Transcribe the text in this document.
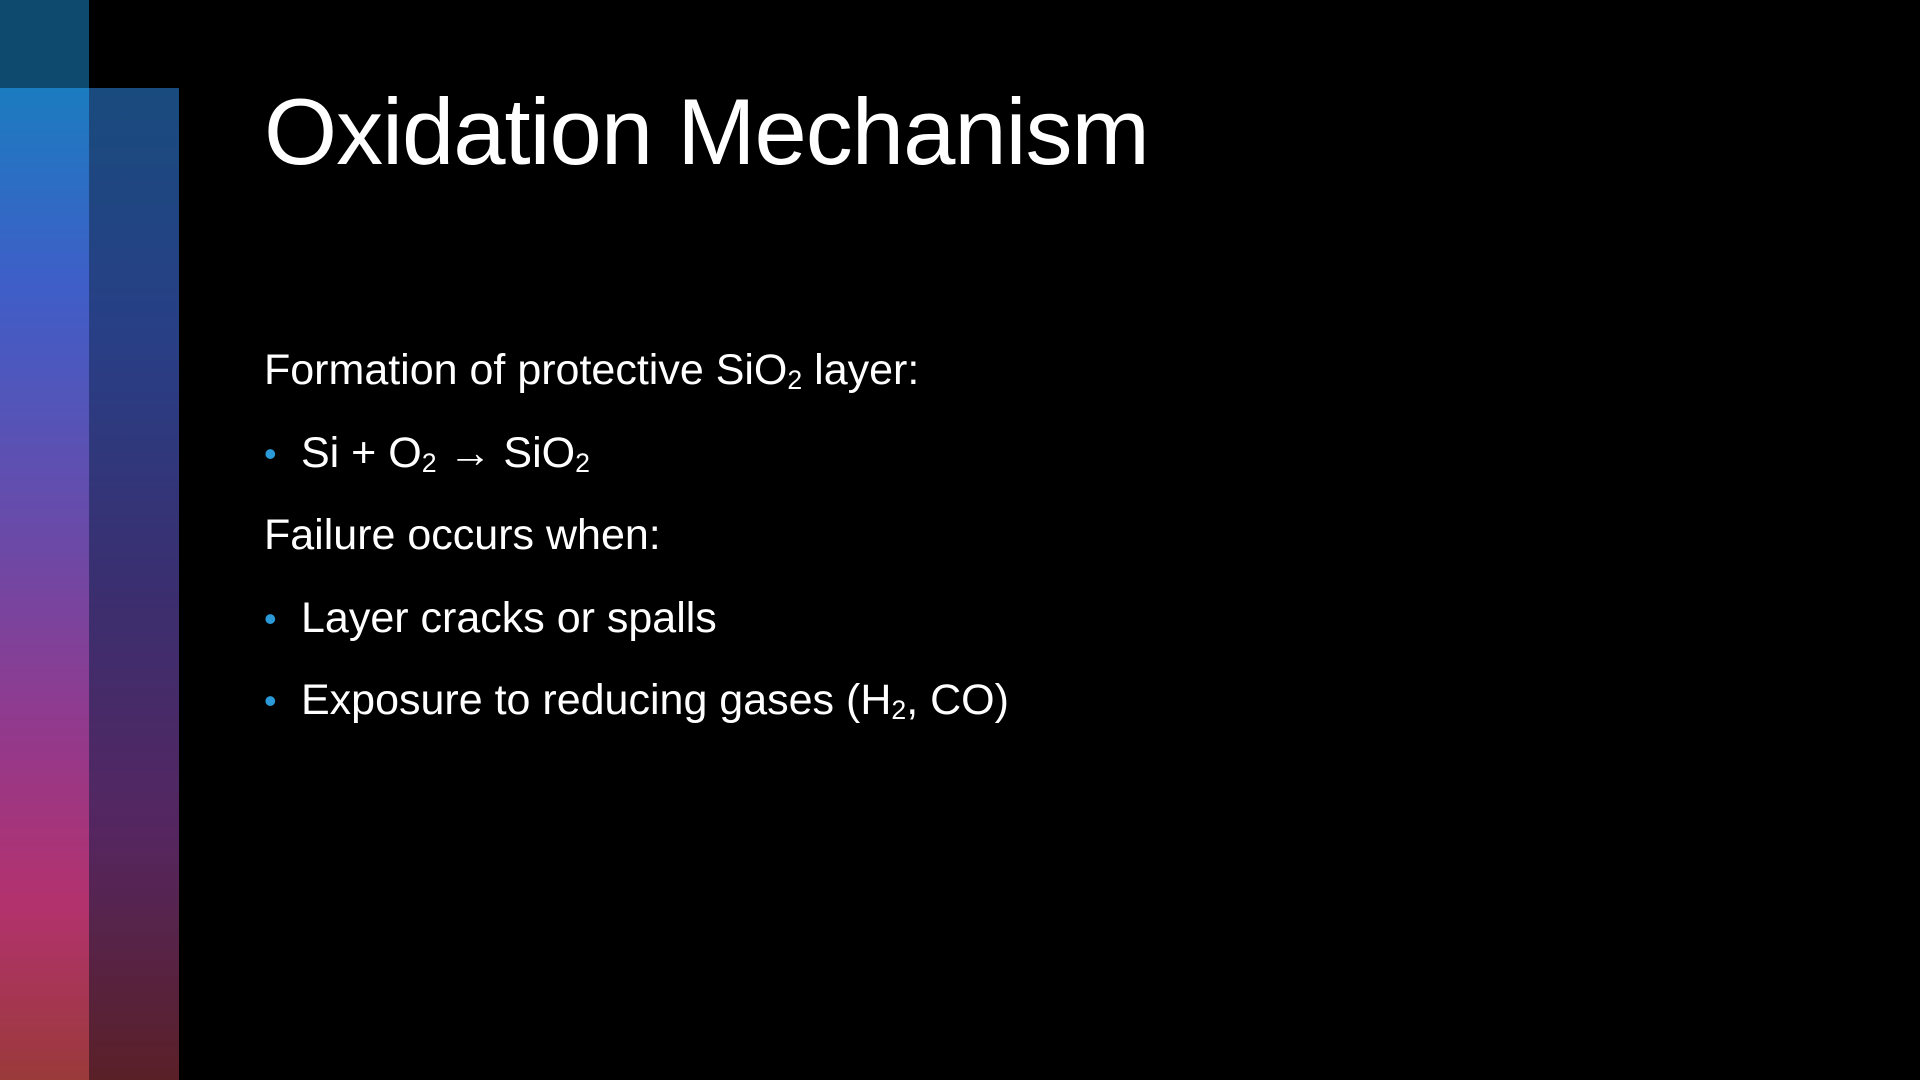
Oxidation Mechanism
Formation of protective SiO$_2$ layer:
• $Si + O_2 \to SiO_2$
Failure occurs when:
• Layer cracks or spalls
• Exposure to reducing gases ($H_2$, CO)
